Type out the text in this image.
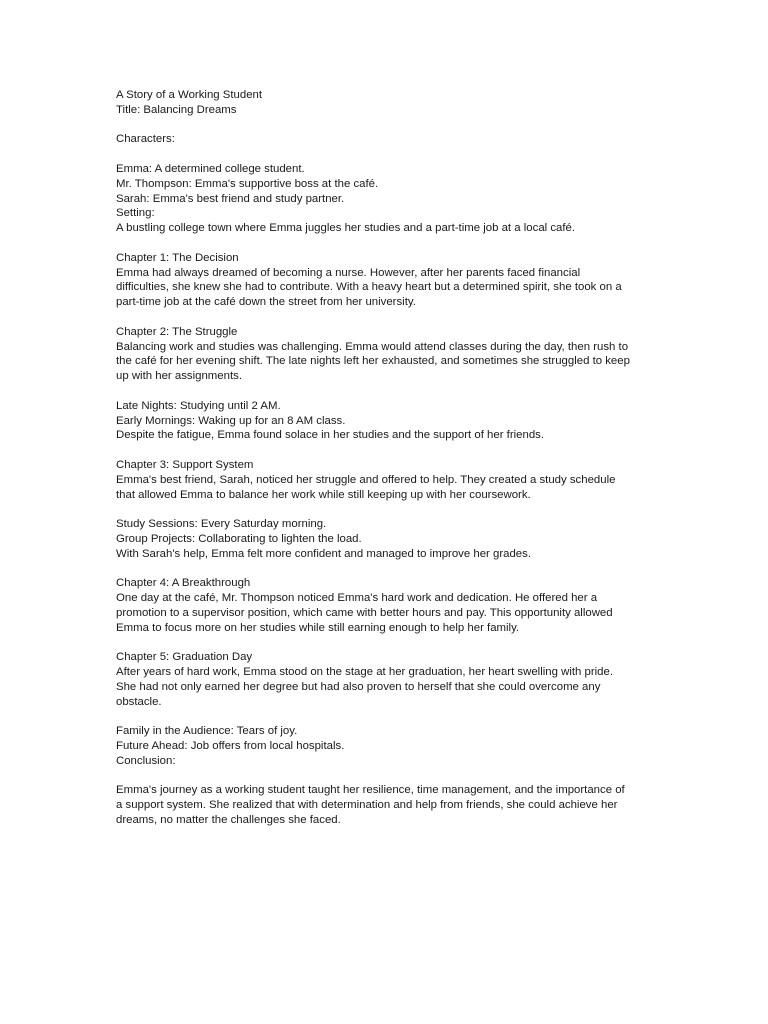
A Story of a Working Student
Title: Balancing Dreams
Characters:
Emma: A determined college student.
Mr. Thompson: Emma's supportive boss at the café.
Sarah: Emma's best friend and study partner.
Setting:
A bustling college town where Emma juggles her studies and a part-time job at a local café.
Chapter 1: The Decision
Emma had always dreamed of becoming a nurse. However, after her parents faced financial
difficulties, she knew she had to contribute. With a heavy heart but a determined spirit, she took on a
part-time job at the café down the street from her university.
Chapter 2: The Struggle
Balancing work and studies was challenging. Emma would attend classes during the day, then rush to
the café for her evening shift. The late nights left her exhausted, and sometimes she struggled to keep
up with her assignments.
Late Nights: Studying until 2 AM.
Early Mornings: Waking up for an 8 AM class.
Despite the fatigue, Emma found solace in her studies and the support of her friends.
Chapter 3: Support System
Emma's best friend, Sarah, noticed her struggle and offered to help. They created a study schedule
that allowed Emma to balance her work while still keeping up with her coursework.
Study Sessions: Every Saturday morning.
Group Projects: Collaborating to lighten the load.
With Sarah's help, Emma felt more confident and managed to improve her grades.
Chapter 4: A Breakthrough
One day at the café, Mr. Thompson noticed Emma's hard work and dedication. He offered her a
promotion to a supervisor position, which came with better hours and pay. This opportunity allowed
Emma to focus more on her studies while still earning enough to help her family.
Chapter 5: Graduation Day
After years of hard work, Emma stood on the stage at her graduation, her heart swelling with pride.
She had not only earned her degree but had also proven to herself that she could overcome any
obstacle.
Family in the Audience: Tears of joy.
Future Ahead: Job offers from local hospitals.
Conclusion:
Emma's journey as a working student taught her resilience, time management, and the importance of
a support system. She realized that with determination and help from friends, she could achieve her
dreams, no matter the challenges she faced.
